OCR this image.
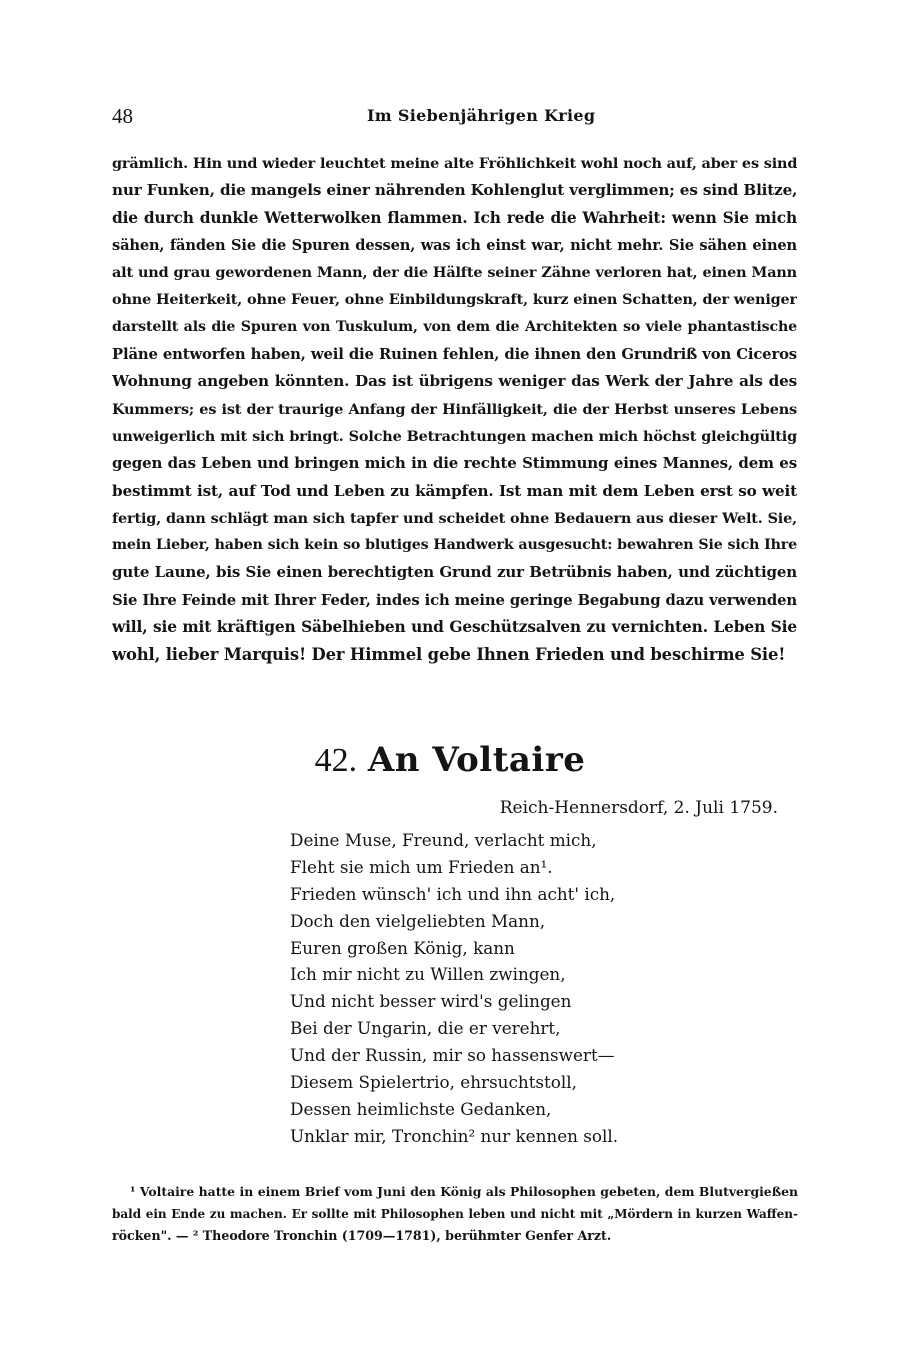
48	Im Siebenjährigen Krieg
grämlich. Hin und wieder leuchtet meine alte Fröhlichkeit wohl noch auf, aber es sind
nur Funken, die mangels einer nährenden Kohlenglut verglimmen; es sind Blitze,
die durch dunkle Wetterwolken flammen. Ich rede die Wahrheit: wenn Sie mich
sähen, fänden Sie die Spuren dessen, was ich einst war, nicht mehr. Sie sähen einen
alt und grau gewordenen Mann, der die Hälfte seiner Zähne verloren hat, einen Mann
ohne Heiterkeit, ohne Feuer, ohne Einbildungskraft, kurz einen Schatten, der weniger
darstellt als die Spuren von Tuskulum, von dem die Architekten so viele phantastische
Pläne entworfen haben, weil die Ruinen fehlen, die ihnen den Grundriß von Ciceros
Wohnung angeben könnten. Das ist übrigens weniger das Werk der Jahre als des
Kummers; es ist der traurige Anfang der Hinfälligkeit, die der Herbst unseres Lebens
unweigerlich mit sich bringt. Solche Betrachtungen machen mich höchst gleichgültig
gegen das Leben und bringen mich in die rechte Stimmung eines Mannes, dem es
bestimmt ist, auf Tod und Leben zu kämpfen. Ist man mit dem Leben erst so weit
fertig, dann schlägt man sich tapfer und scheidet ohne Bedauern aus dieser Welt. Sie,
mein Lieber, haben sich kein so blutiges Handwerk ausgesucht: bewahren Sie sich Ihre
gute Laune, bis Sie einen berechtigten Grund zur Betrübnis haben, und züchtigen
Sie Ihre Feinde mit Ihrer Feder, indes ich meine geringe Begabung dazu verwenden
will, sie mit kräftigen Säbelhieben und Geschützsalven zu vernichten. Leben Sie
wohl, lieber Marquis! Der Himmel gebe Ihnen Frieden und beschirme Sie!
42. An Voltaire
Reich-Hennersdorf, 2. Juli 1759.
Deine Muse, Freund, verlacht mich,
Fleht sie mich um Frieden an¹.
Frieden wünsch' ich und ihn acht' ich,
Doch den vielgeliebten Mann,
Euren großen König, kann
Ich mir nicht zu Willen zwingen,
Und nicht besser wird's gelingen
Bei der Ungarin, die er verehrt,
Und der Russin, mir so hassenswert—
Diesem Spielertrio, ehrsuchtstoll,
Dessen heimlichste Gedanken,
Unklar mir, Tronchin² nur kennen soll.
¹ Voltaire hatte in einem Brief vom Juni den König als Philosophen gebeten, dem Blutvergießen
bald ein Ende zu machen. Er sollte mit Philosophen leben und nicht mit „Mördern in kurzen Waffen-
röcken". — ² Theodore Tronchin (1709—1781), berühmter Genfer Arzt.
